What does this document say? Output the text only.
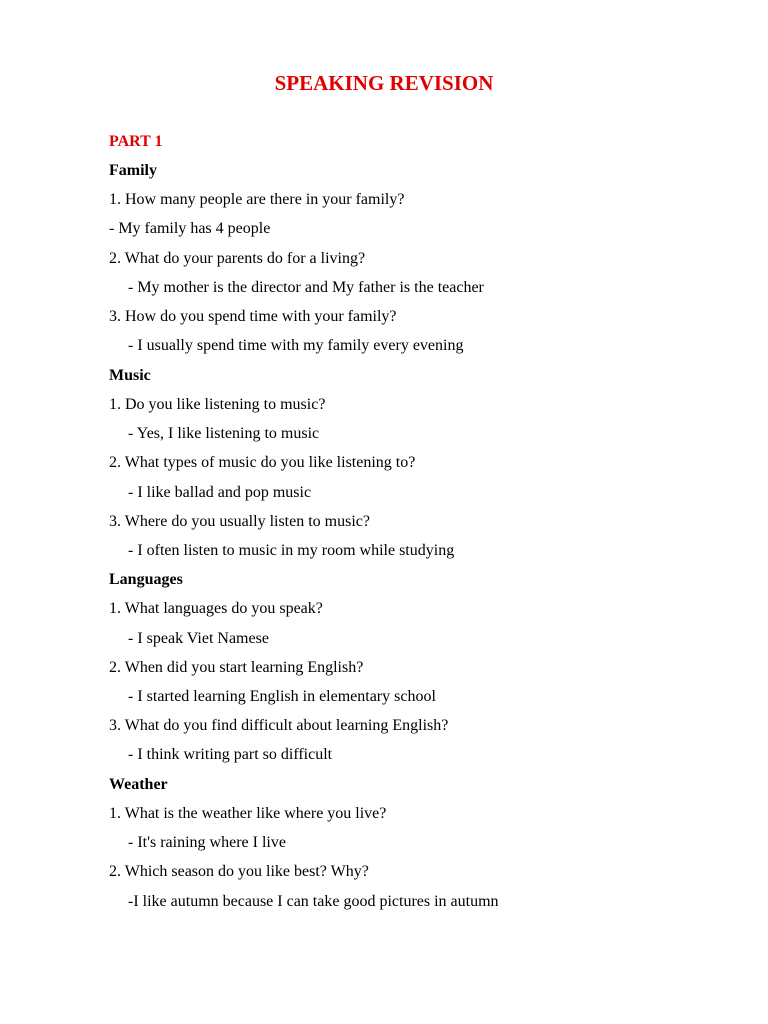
SPEAKING REVISION
PART 1
Family
1. How many people are there in your family?
- My family has 4 people
2. What do your parents do for a living?
- My mother is the director and My father is the teacher
3. How do you spend time with your family?
- I usually spend time with my family every evening
Music
1. Do you like listening to music?
- Yes, I like listening to music
2. What types of music do you like listening to?
- I like ballad and pop music
3. Where do you usually listen to music?
- I often listen to music in my room while studying
Languages
1. What languages do you speak?
- I speak Viet Namese
2. When did you start learning English?
- I started learning English in elementary school
3. What do you find difficult about learning English?
- I think writing part so difficult
Weather
1. What is the weather like where you live?
- It's raining where I live
2. Which season do you like best? Why?
-I like autumn because I can take good pictures in autumn
